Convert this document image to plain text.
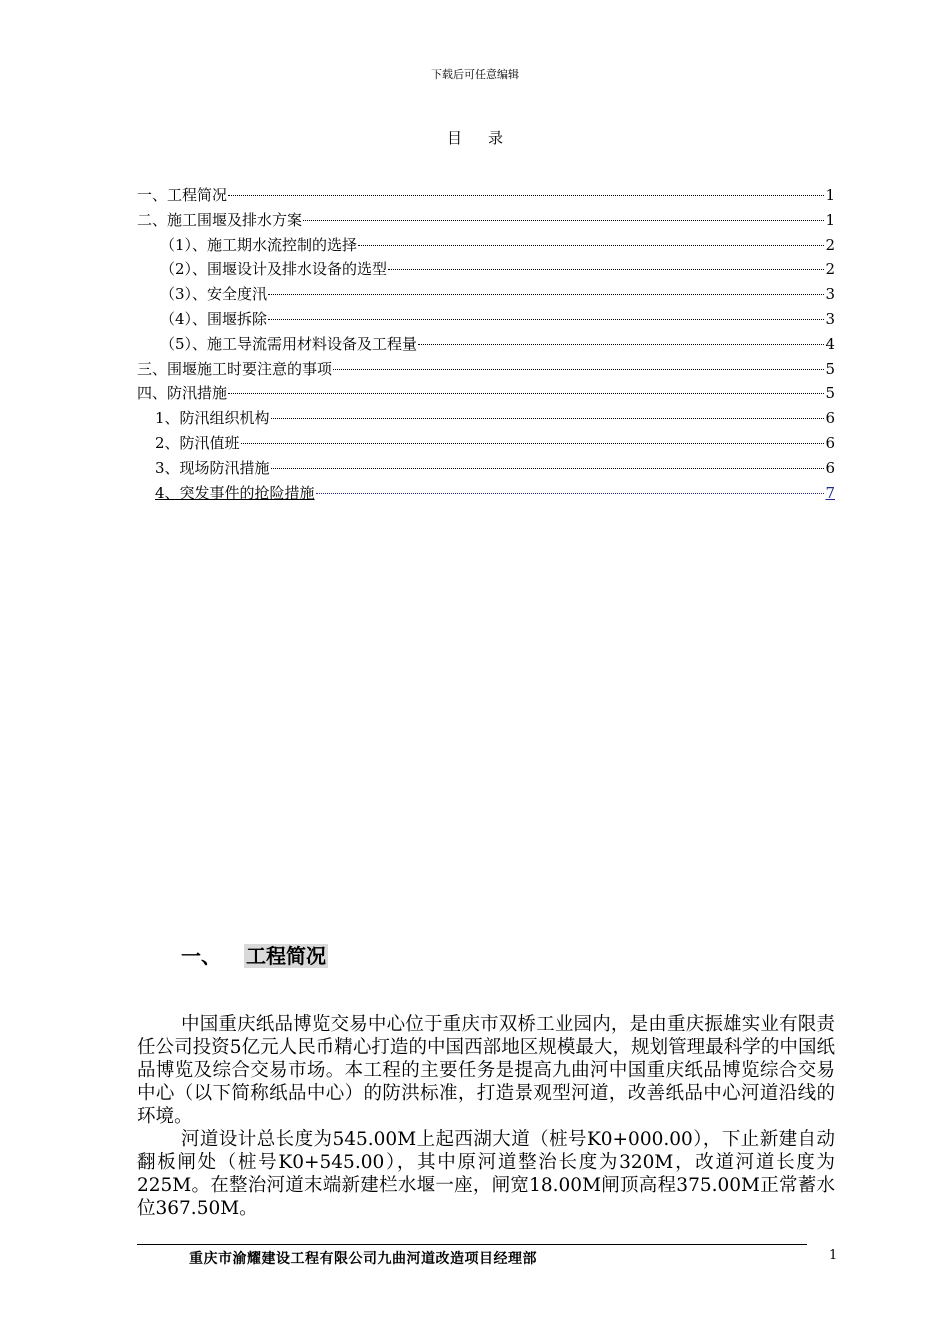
下载后可任意编辑
目录
一、工程简况	1
二、施工围堰及排水方案	1
（1）、施工期水流控制的选择	2
（2）、围堰设计及排水设备的选型	2
（3）、安全度汛	3
（4）、围堰拆除	3
（5）、施工导流需用材料设备及工程量	4
三、围堰施工时要注意的事项	5
四、防汛措施	5
1、防汛组织机构	6
2、防汛值班	6
3、现场防汛措施	6
4、突发事件的抢险措施	7
一、 工程简况

中国重庆纸品博览交易中心位于重庆市双桥工业园内，是由重庆振雄实业有限责任公司投资5亿元人民币精心打造的中国西部地区规模最大，规划管理最科学的中国纸品博览及综合交易市场。本工程的主要任务是提高九曲河中国重庆纸品博览综合交易中心（以下简称纸品中心）的防洪标准，打造景观型河道，改善纸品中心河道沿线的环境。

河道设计总长度为545.00M上起西湖大道（桩号K0+000.00），下止新建自动翻板闸处（桩号K0+545.00），其中原河道整治长度为320M，改道河道长度为225M。在整治河道末端新建栏水堰一座，闸宽18.00M闸顶高程375.00M正常蓄水位367.50M。

重庆市渝耀建设工程有限公司九曲河道改造项目经理部	1
